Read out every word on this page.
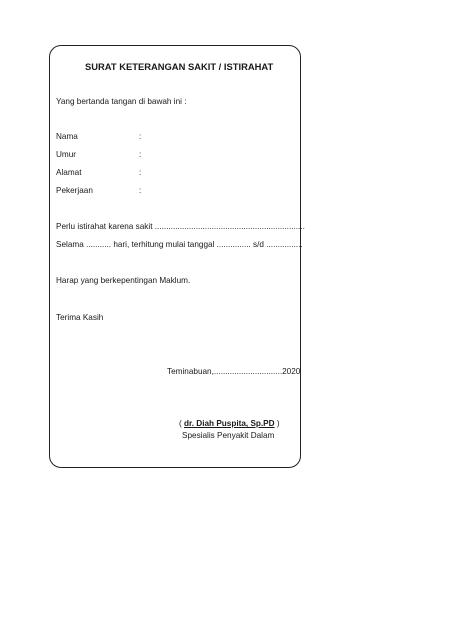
SURAT KETERANGAN SAKIT / ISTIRAHAT
Yang bertanda tangan di bawah ini :
Nama	:
Umur	:
Alamat	:
Pekerjaan	:
Perlu istirahat karena sakit ..................................................................
Selama ........... hari, terhitung mulai tanggal ............... s/d ................
Harap yang berkepentingan Maklum.
Terima Kasih
Teminabuan,..............................2020
( dr. Diah Puspita, Sp.PD )
Spesialis Penyakit Dalam
